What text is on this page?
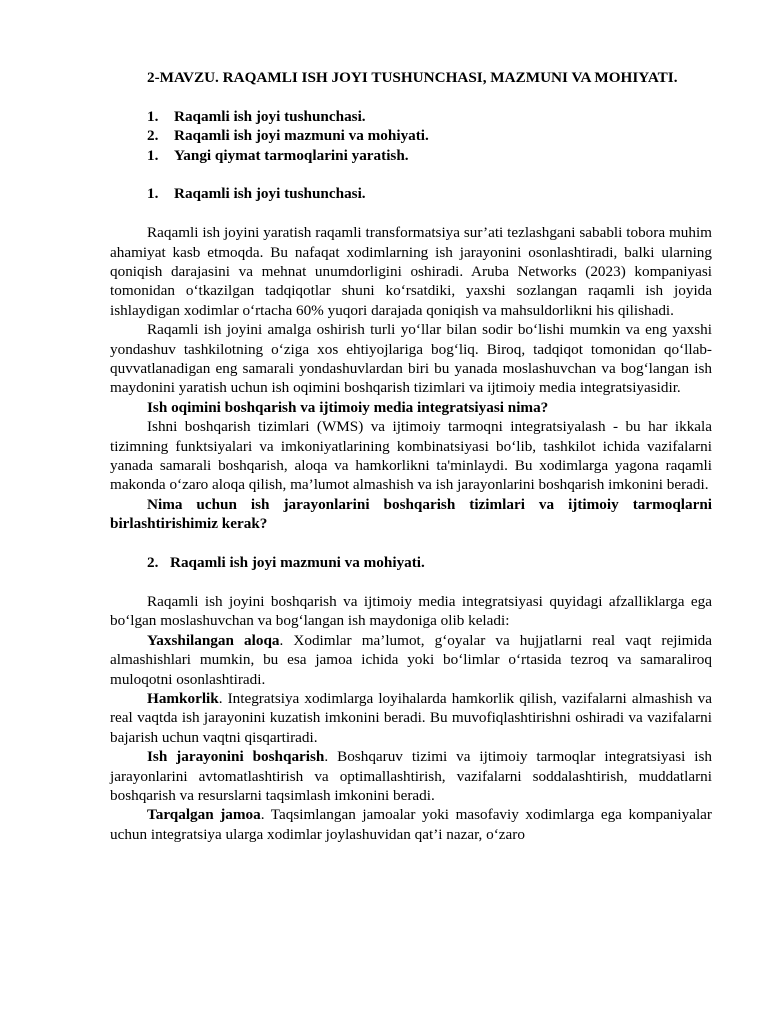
2-MAVZU. RAQAMLI ISH JOYI TUSHUNCHASI, MAZMUNI VA MOHIYATI.

1. Raqamli ish joyi tushunchasi.
2. Raqamli ish joyi mazmuni va mohiyati.
1. Yangi qiymat tarmoqlarini yaratish.

1. Raqamli ish joyi tushunchasi.

Raqamli ish joyini yaratish raqamli transformatsiya sur’ati tezlashgani sababli tobora muhim ahamiyat kasb etmoqda. Bu nafaqat xodimlarning ish jarayonini osonlashtiradi, balki ularning qoniqish darajasini va mehnat unumdorligini oshiradi. Aruba Networks (2023) kompaniyasi tomonidan o‘tkazilgan tadqiqotlar shuni ko‘rsatdiki, yaxshi sozlangan raqamli ish joyida ishlaydigan xodimlar o‘rtacha 60% yuqori darajada qoniqish va mahsuldorlikni his qilishadi.

Raqamli ish joyini amalga oshirish turli yo‘llar bilan sodir bo‘lishi mumkin va eng yaxshi yondashuv tashkilotning o‘ziga xos ehtiyojlariga bog‘liq. Biroq, tadqiqot tomonidan qo‘llab-quvvatlanadigan eng samarali yondashuvlardan biri bu yanada moslashuvchan va bog‘langan ish maydonini yaratish uchun ish oqimini boshqarish tizimlari va ijtimoiy media integratsiyasidir.

Ish oqimini boshqarish va ijtimoiy media integratsiyasi nima?

Ishni boshqarish tizimlari (WMS) va ijtimoiy tarmoqni integratsiyalash - bu har ikkala tizimning funktsiyalari va imkoniyatlarining kombinatsiyasi bo‘lib, tashkilot ichida vazifalarni yanada samarali boshqarish, aloqa va hamkorlikni ta'minlaydi. Bu xodimlarga yagona raqamli makonda o‘zaro aloqa qilish, ma’lumot almashish va ish jarayonlarini boshqarish imkonini beradi.

Nima uchun ish jarayonlarini boshqarish tizimlari va ijtimoiy tarmoqlarni birlashtirishimiz kerak?

2. Raqamli ish joyi mazmuni va mohiyati.

Raqamli ish joyini boshqarish va ijtimoiy media integratsiyasi quyidagi afzalliklarga ega bo‘lgan moslashuvchan va bog‘langan ish maydoniga olib keladi:

Yaxshilangan aloqa. Xodimlar ma’lumot, g‘oyalar va hujjatlarni real vaqt rejimida almashishlari mumkin, bu esa jamoa ichida yoki bo‘limlar o‘rtasida tezroq va samaraliroq muloqotni osonlashtiradi.

Hamkorlik. Integratsiya xodimlarga loyihalarda hamkorlik qilish, vazifalarni almashish va real vaqtda ish jarayonini kuzatish imkonini beradi. Bu muvofiqlashtirishni oshiradi va vazifalarni bajarish uchun vaqtni qisqartiradi.

Ish jarayonini boshqarish. Boshqaruv tizimi va ijtimoiy tarmoqlar integratsiyasi ish jarayonlarini avtomatlashtirish va optimallashtirish, vazifalarni soddalashtirish, muddatlarni boshqarish va resurslarni taqsimlash imkonini beradi.

Tarqalgan jamoa. Taqsimlangan jamoalar yoki masofaviy xodimlarga ega kompaniyalar uchun integratsiya ularga xodimlar joylashuvidan qat’i nazar, o‘zaro
